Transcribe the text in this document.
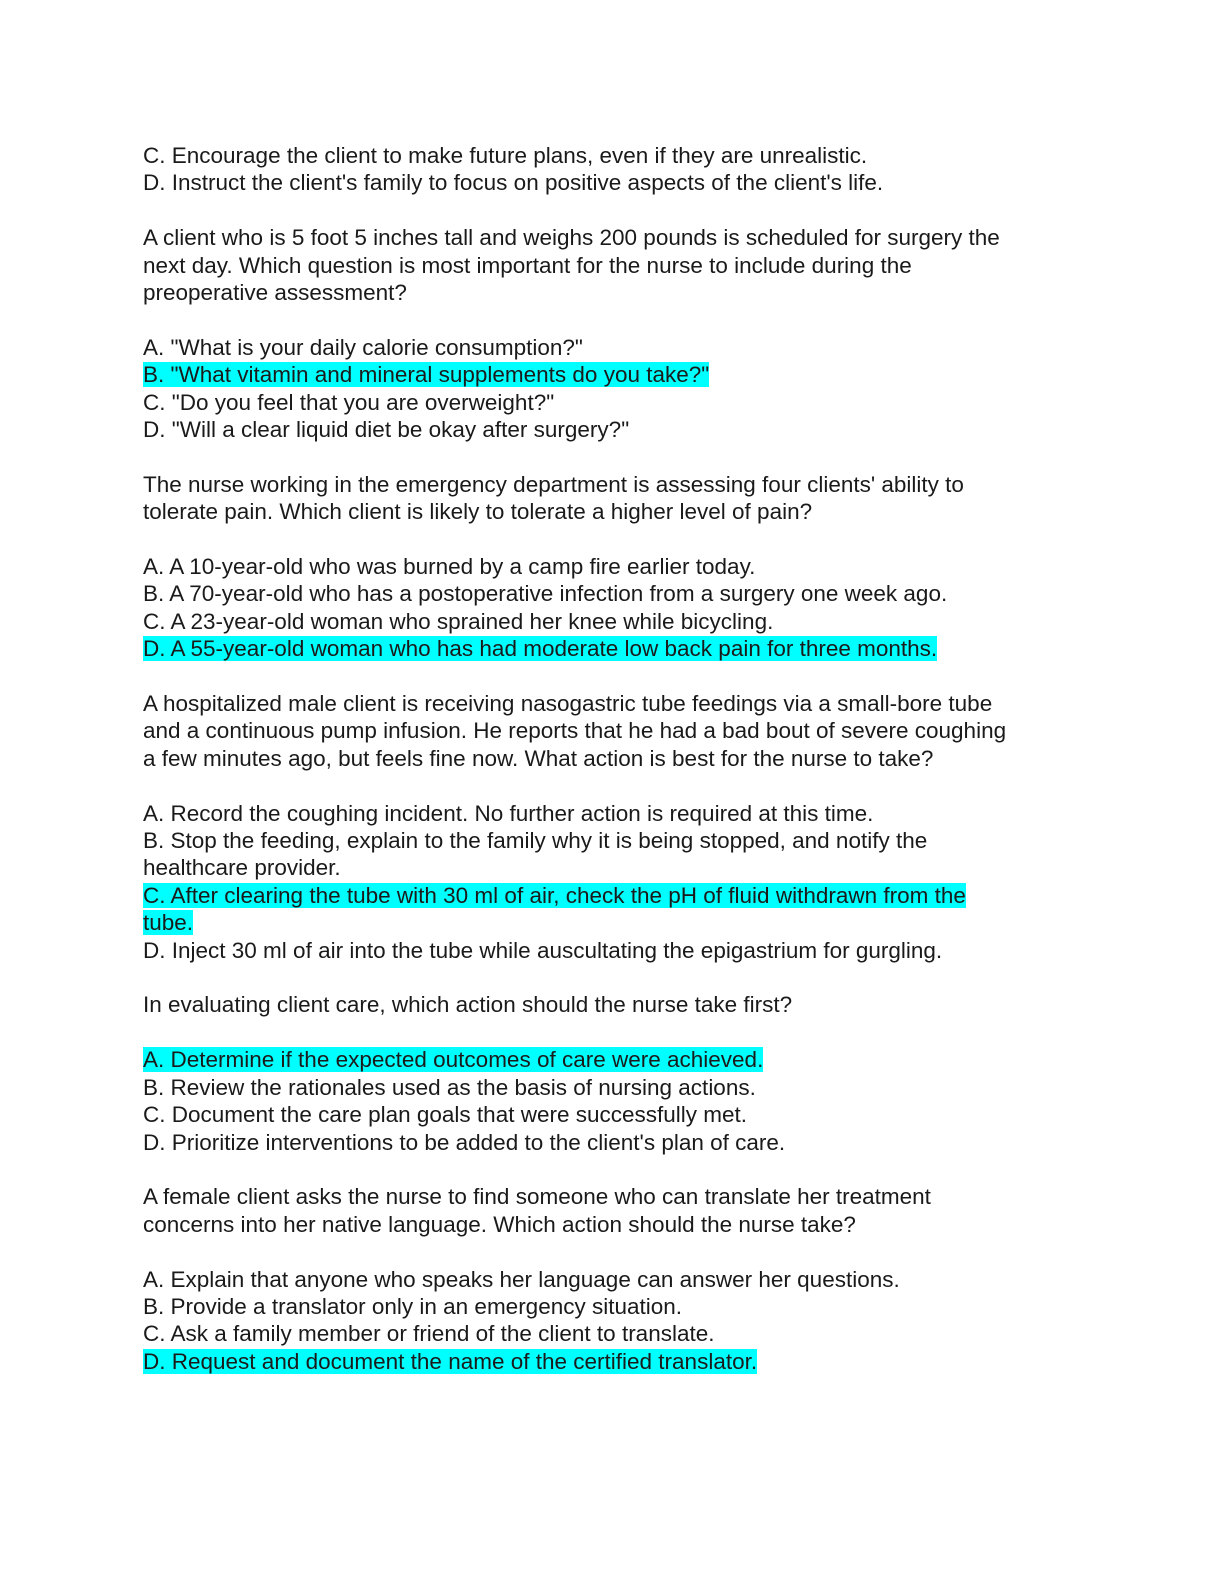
C. Encourage the client to make future plans, even if they are unrealistic.

D. Instruct the client's family to focus on positive aspects of the client's life.

A client who is 5 foot 5 inches tall and weighs 200 pounds is scheduled for surgery the

next day. Which question is most important for the nurse to include during the

preoperative assessment?

A. "What is your daily calorie consumption?"

B. "What vitamin and mineral supplements do you take?"

C. "Do you feel that you are overweight?"

D. "Will a clear liquid diet be okay after surgery?"

The nurse working in the emergency department is assessing four clients' ability to

tolerate pain. Which client is likely to tolerate a higher level of pain?

A. A 10-year-old who was burned by a camp fire earlier today.

B. A 70-year-old who has a postoperative infection from a surgery one week ago.

C. A 23-year-old woman who sprained her knee while bicycling.

D. A 55-year-old woman who has had moderate low back pain for three months.

A hospitalized male client is receiving nasogastric tube feedings via a small-bore tube

and a continuous pump infusion. He reports that he had a bad bout of severe coughing

a few minutes ago, but feels fine now. What action is best for the nurse to take?

A. Record the coughing incident. No further action is required at this time.

B. Stop the feeding, explain to the family why it is being stopped, and notify the

healthcare provider.

C. After clearing the tube with 30 ml of air, check the pH of fluid withdrawn from the

tube.

D. Inject 30 ml of air into the tube while auscultating the epigastrium for gurgling.

In evaluating client care, which action should the nurse take first?

A. Determine if the expected outcomes of care were achieved.

B. Review the rationales used as the basis of nursing actions.

C. Document the care plan goals that were successfully met.

D. Prioritize interventions to be added to the client's plan of care.

A female client asks the nurse to find someone who can translate her treatment

concerns into her native language. Which action should the nurse take?

A. Explain that anyone who speaks her language can answer her questions.

B. Provide a translator only in an emergency situation.

C. Ask a family member or friend of the client to translate.

D. Request and document the name of the certified translator.
